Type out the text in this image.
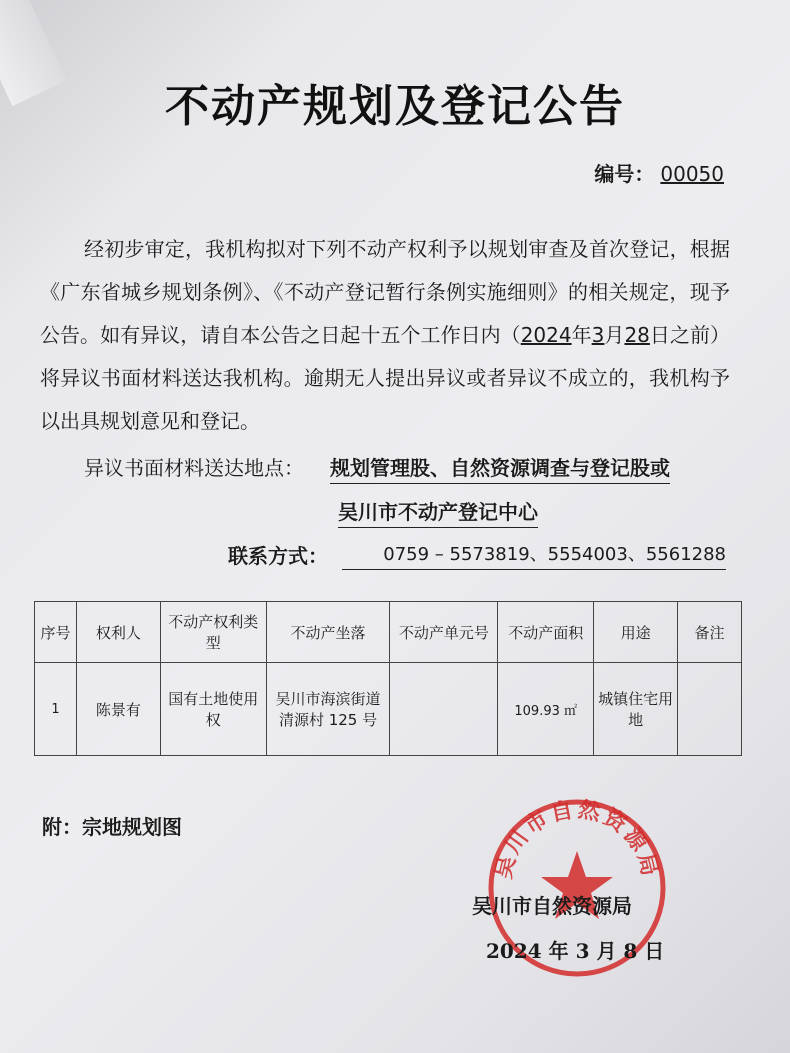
不动产规划及登记公告
编号： 00050
经初步审定，我机构拟对下列不动产权利予以规划审查及首次登记，根据《广东省城乡规划条例》、《不动产登记暂行条例实施细则》的相关规定，现予公告。如有异议，请自本公告之日起十五个工作日内（2024年3月28日之前）将异议书面材料送达我机构。逾期无人提出异议或者异议不成立的，我机构予以出具规划意见和登记。
异议书面材料送达地点： 规划管理股、自然资源调查与登记股或
吴川市不动产登记中心
联系方式：	0759 – 5573819、5554003、5561288
序号	权利人	不动产权利类型	不动产坐落	不动产单元号	不动产面积	用途	备注
1	陈景有	国有土地使用权	吴川市海滨街道清源村 125 号		109.93 ㎡	城镇住宅用地	
附：宗地规划图
吴川市自然资源局
吴川市自然资源局
2024 年 3 月 8 日
